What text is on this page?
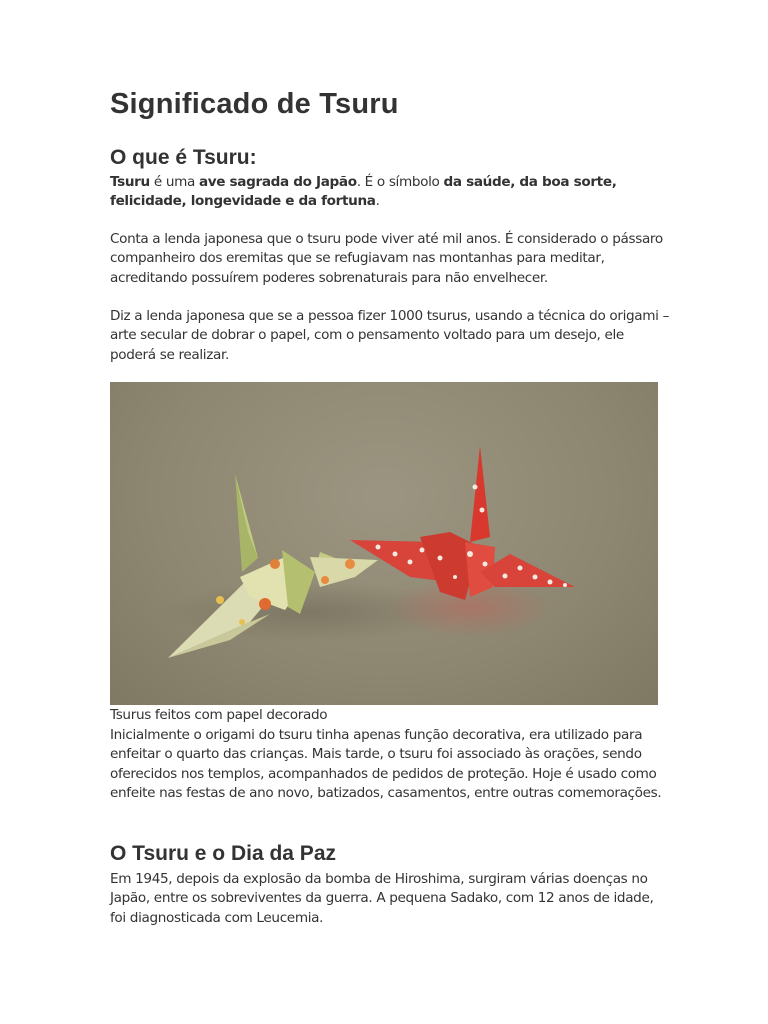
Significado de Tsuru
O que é Tsuru:

Tsuru é uma ave sagrada do Japão. É o símbolo da saúde, da boa sorte, felicidade, longevidade e da fortuna.

Conta a lenda japonesa que o tsuru pode viver até mil anos. É considerado o pássaro companheiro dos eremitas que se refugiavam nas montanhas para meditar, acreditando possuírem poderes sobrenaturais para não envelhecer.

Diz a lenda japonesa que se a pessoa fizer 1000 tsurus, usando a técnica do origami – arte secular de dobrar o papel, com o pensamento voltado para um desejo, ele poderá se realizar.

Tsurus feitos com papel decorado

Inicialmente o origami do tsuru tinha apenas função decorativa, era utilizado para enfeitar o quarto das crianças. Mais tarde, o tsuru foi associado às orações, sendo oferecidos nos templos, acompanhados de pedidos de proteção. Hoje é usado como enfeite nas festas de ano novo, batizados, casamentos, entre outras comemorações.

O Tsuru e o Dia da Paz

Em 1945, depois da explosão da bomba de Hiroshima, surgiram várias doenças no Japão, entre os sobreviventes da guerra. A pequena Sadako, com 12 anos de idade, foi diagnosticada com Leucemia.
